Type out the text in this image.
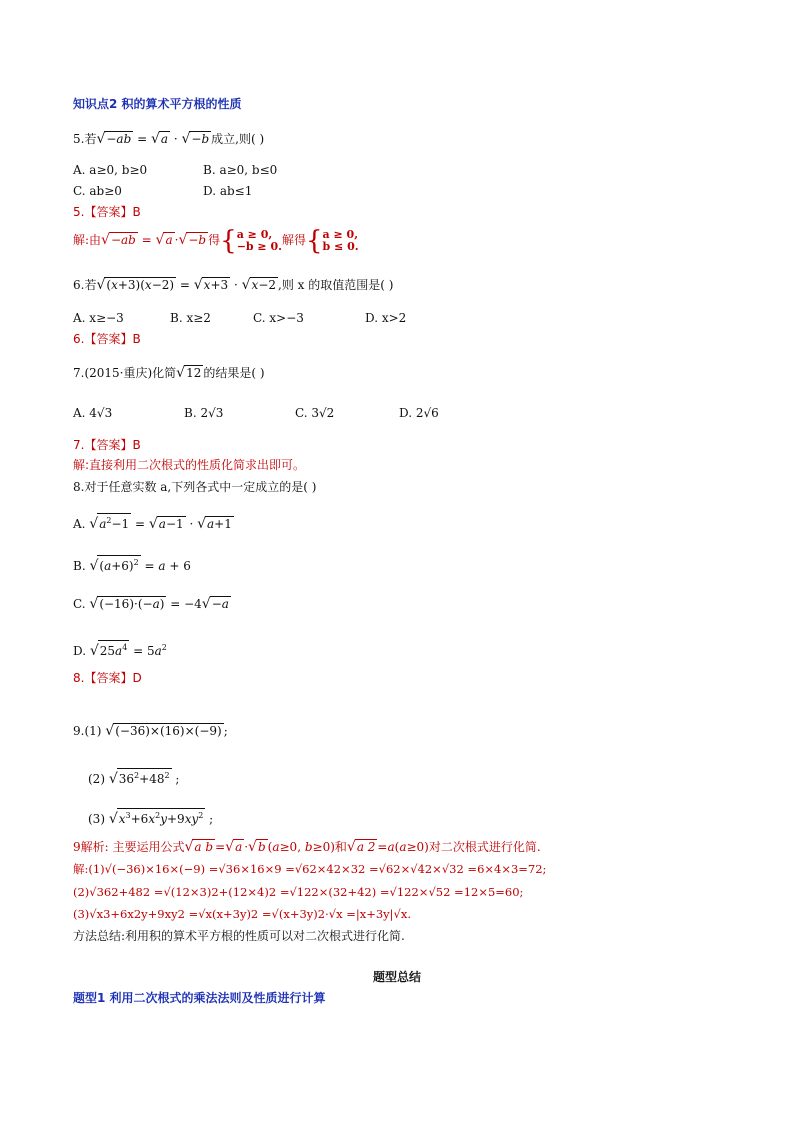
知识点2 积的算术平方根的性质
5.若√−ab = √a · √−b 成立,则( )
A. a≥0, b≥0	B. a≥0, b≤0
C. ab≥0	D. ab≤1
5.【答案】B
解:由√−ab = √a ·√−b 得{a ≥ 0,
−b ≥ 0.解得{a ≥ 0,
b ≤ 0.
6.若√(x+3)(x−2) = √x+3 · √x−2 ,则 x 的取值范围是( )
A. x≥−3	B. x≥2	C. x>−3	D. x>2
6.【答案】B
7.(2015·重庆)化简√12 的结果是( )
A. 4√3	B. 2√3	C. 3√2	D. 2√6
7.【答案】B
解:直接利用二次根式的性质化简求出即可。
8.对于任意实数 a,下列各式中一定成立的是( )
A. $√a^2-1 = √a-1 \cdot √a+1$
B. $√(a+6)^2 = a + 6$
C. √(−16)·(−a) = −4√−a
D. $√25a^4 = 5a^2$
8.【答案】D
9.(1) √(−36)×(16)×(−9) ;
(2) $√36^2+48^2$ ;
(3) $√x^3+6x^2y+9xy^2$ ;
9解析: 主要运用公式√a b =√a ·√b (a≥0, b≥0)和√a 2 =a(a≥0)对二次根式进行化简.
解:(1)√(−36)×16×(−9) =√36×16×9 =√62×42×32 =√62×√42×√32 =6×4×3=72;
(2)√362+482 =√(12×3)2+(12×4)2 =√122×(32+42) =√122×√52 =12×5=60;
(3)√x3+6x2y+9xy2 =√x(x+3y)2 =√(x+3y)2·√x =|x+3y|√x.
方法总结:利用积的算术平方根的性质可以对二次根式进行化简.
题型总结
题型1 利用二次根式的乘法法则及性质进行计算
